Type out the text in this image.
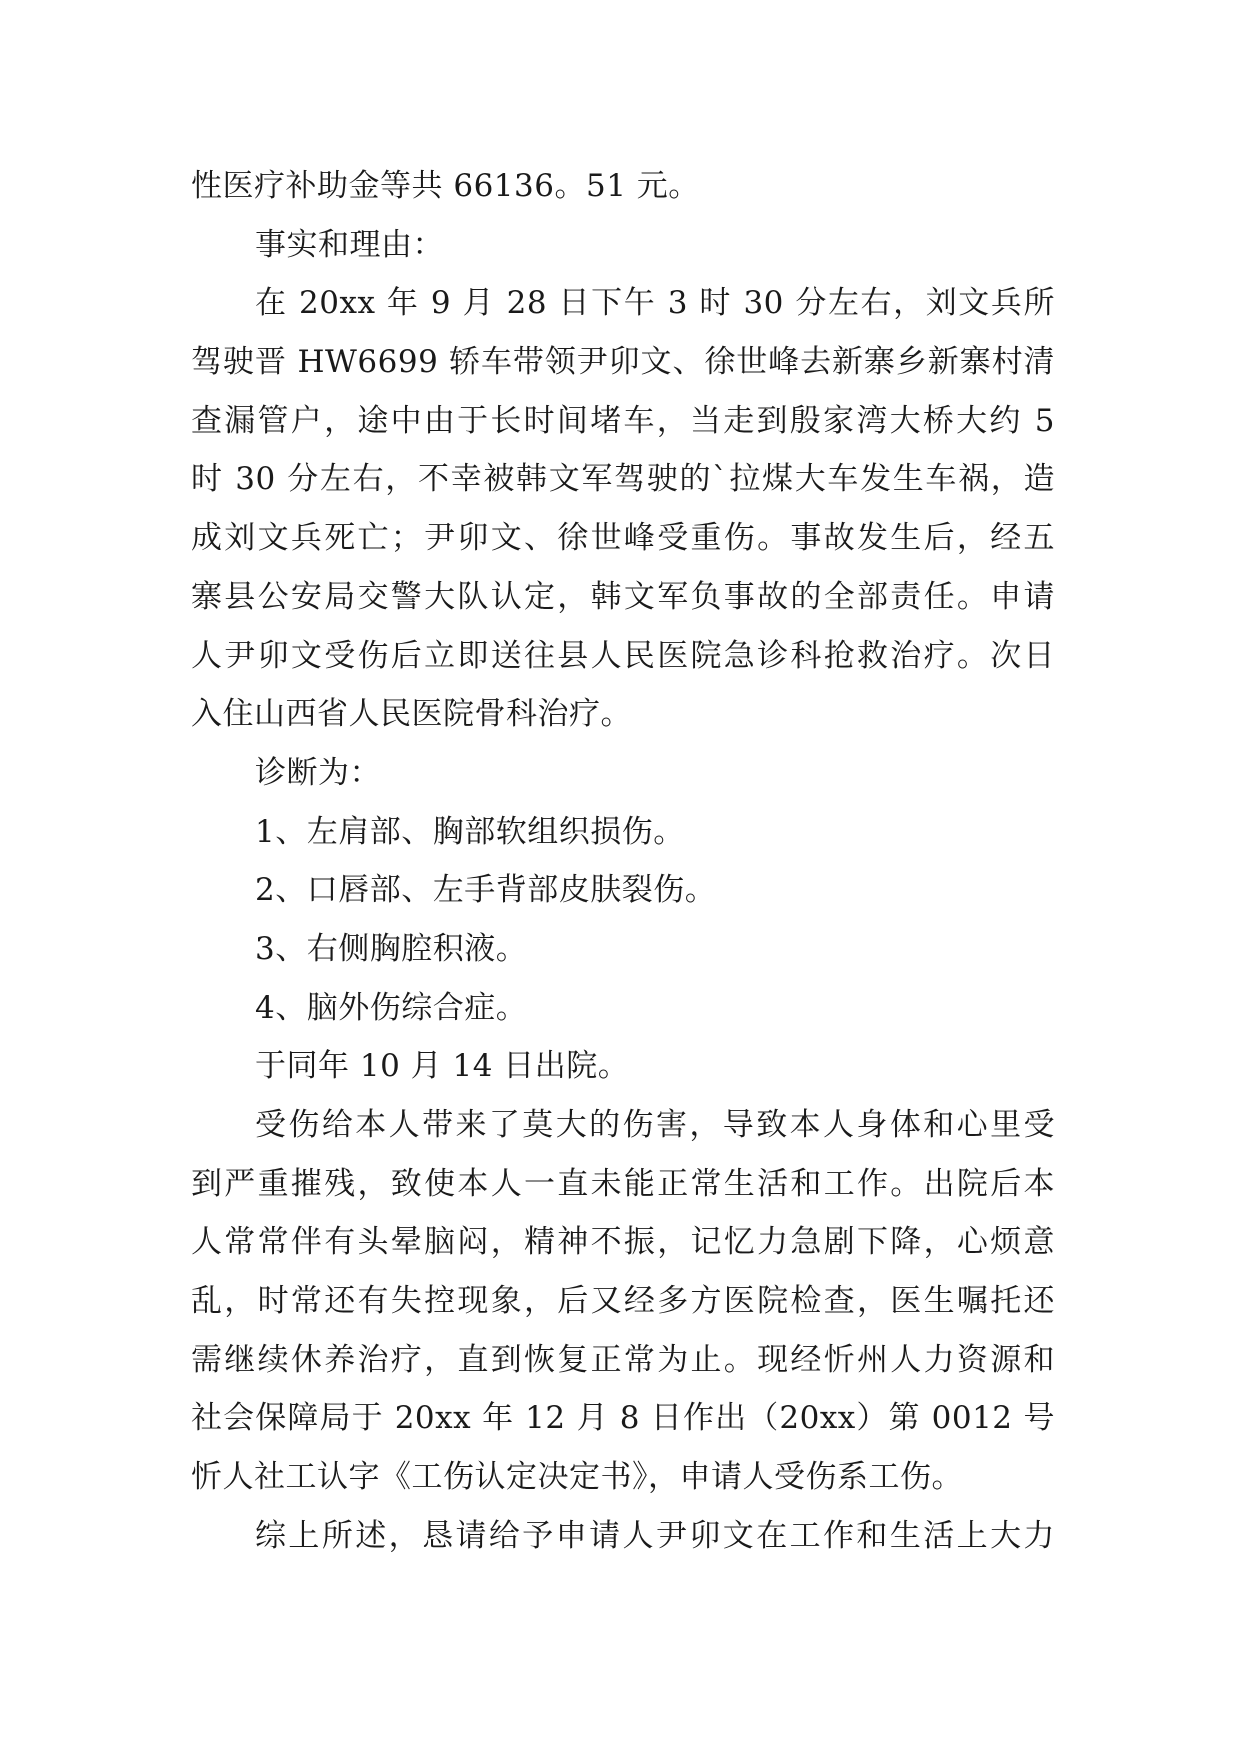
性医疗补助金等共 66136。51 元。
事实和理由：
在 20xx 年 9 月 28 日下午 3 时 30 分左右，刘文兵所
驾驶晋 HW6699 轿车带领尹卯文、徐世峰去新寨乡新寨村清
查漏管户，途中由于长时间堵车，当走到殷家湾大桥大约 5
时 30 分左右，不幸被韩文军驾驶的`拉煤大车发生车祸，造
成刘文兵死亡；尹卯文、徐世峰受重伤。事故发生后，经五
寨县公安局交警大队认定，韩文军负事故的全部责任。申请
人尹卯文受伤后立即送往县人民医院急诊科抢救治疗。次日
入住山西省人民医院骨科治疗。
诊断为：
1、左肩部、胸部软组织损伤。
2、口唇部、左手背部皮肤裂伤。
3、右侧胸腔积液。
4、脑外伤综合症。
于同年 10 月 14 日出院。
受伤给本人带来了莫大的伤害，导致本人身体和心里受
到严重摧残，致使本人一直未能正常生活和工作。出院后本
人常常伴有头晕脑闷，精神不振，记忆力急剧下降，心烦意
乱，时常还有失控现象，后又经多方医院检查，医生嘱托还
需继续休养治疗，直到恢复正常为止。现经忻州人力资源和
社会保障局于 20xx 年 12 月 8 日作出（20xx）第 0012 号
忻人社工认字《工伤认定决定书》，申请人受伤系工伤。
综上所述，恳请给予申请人尹卯文在工作和生活上大力
